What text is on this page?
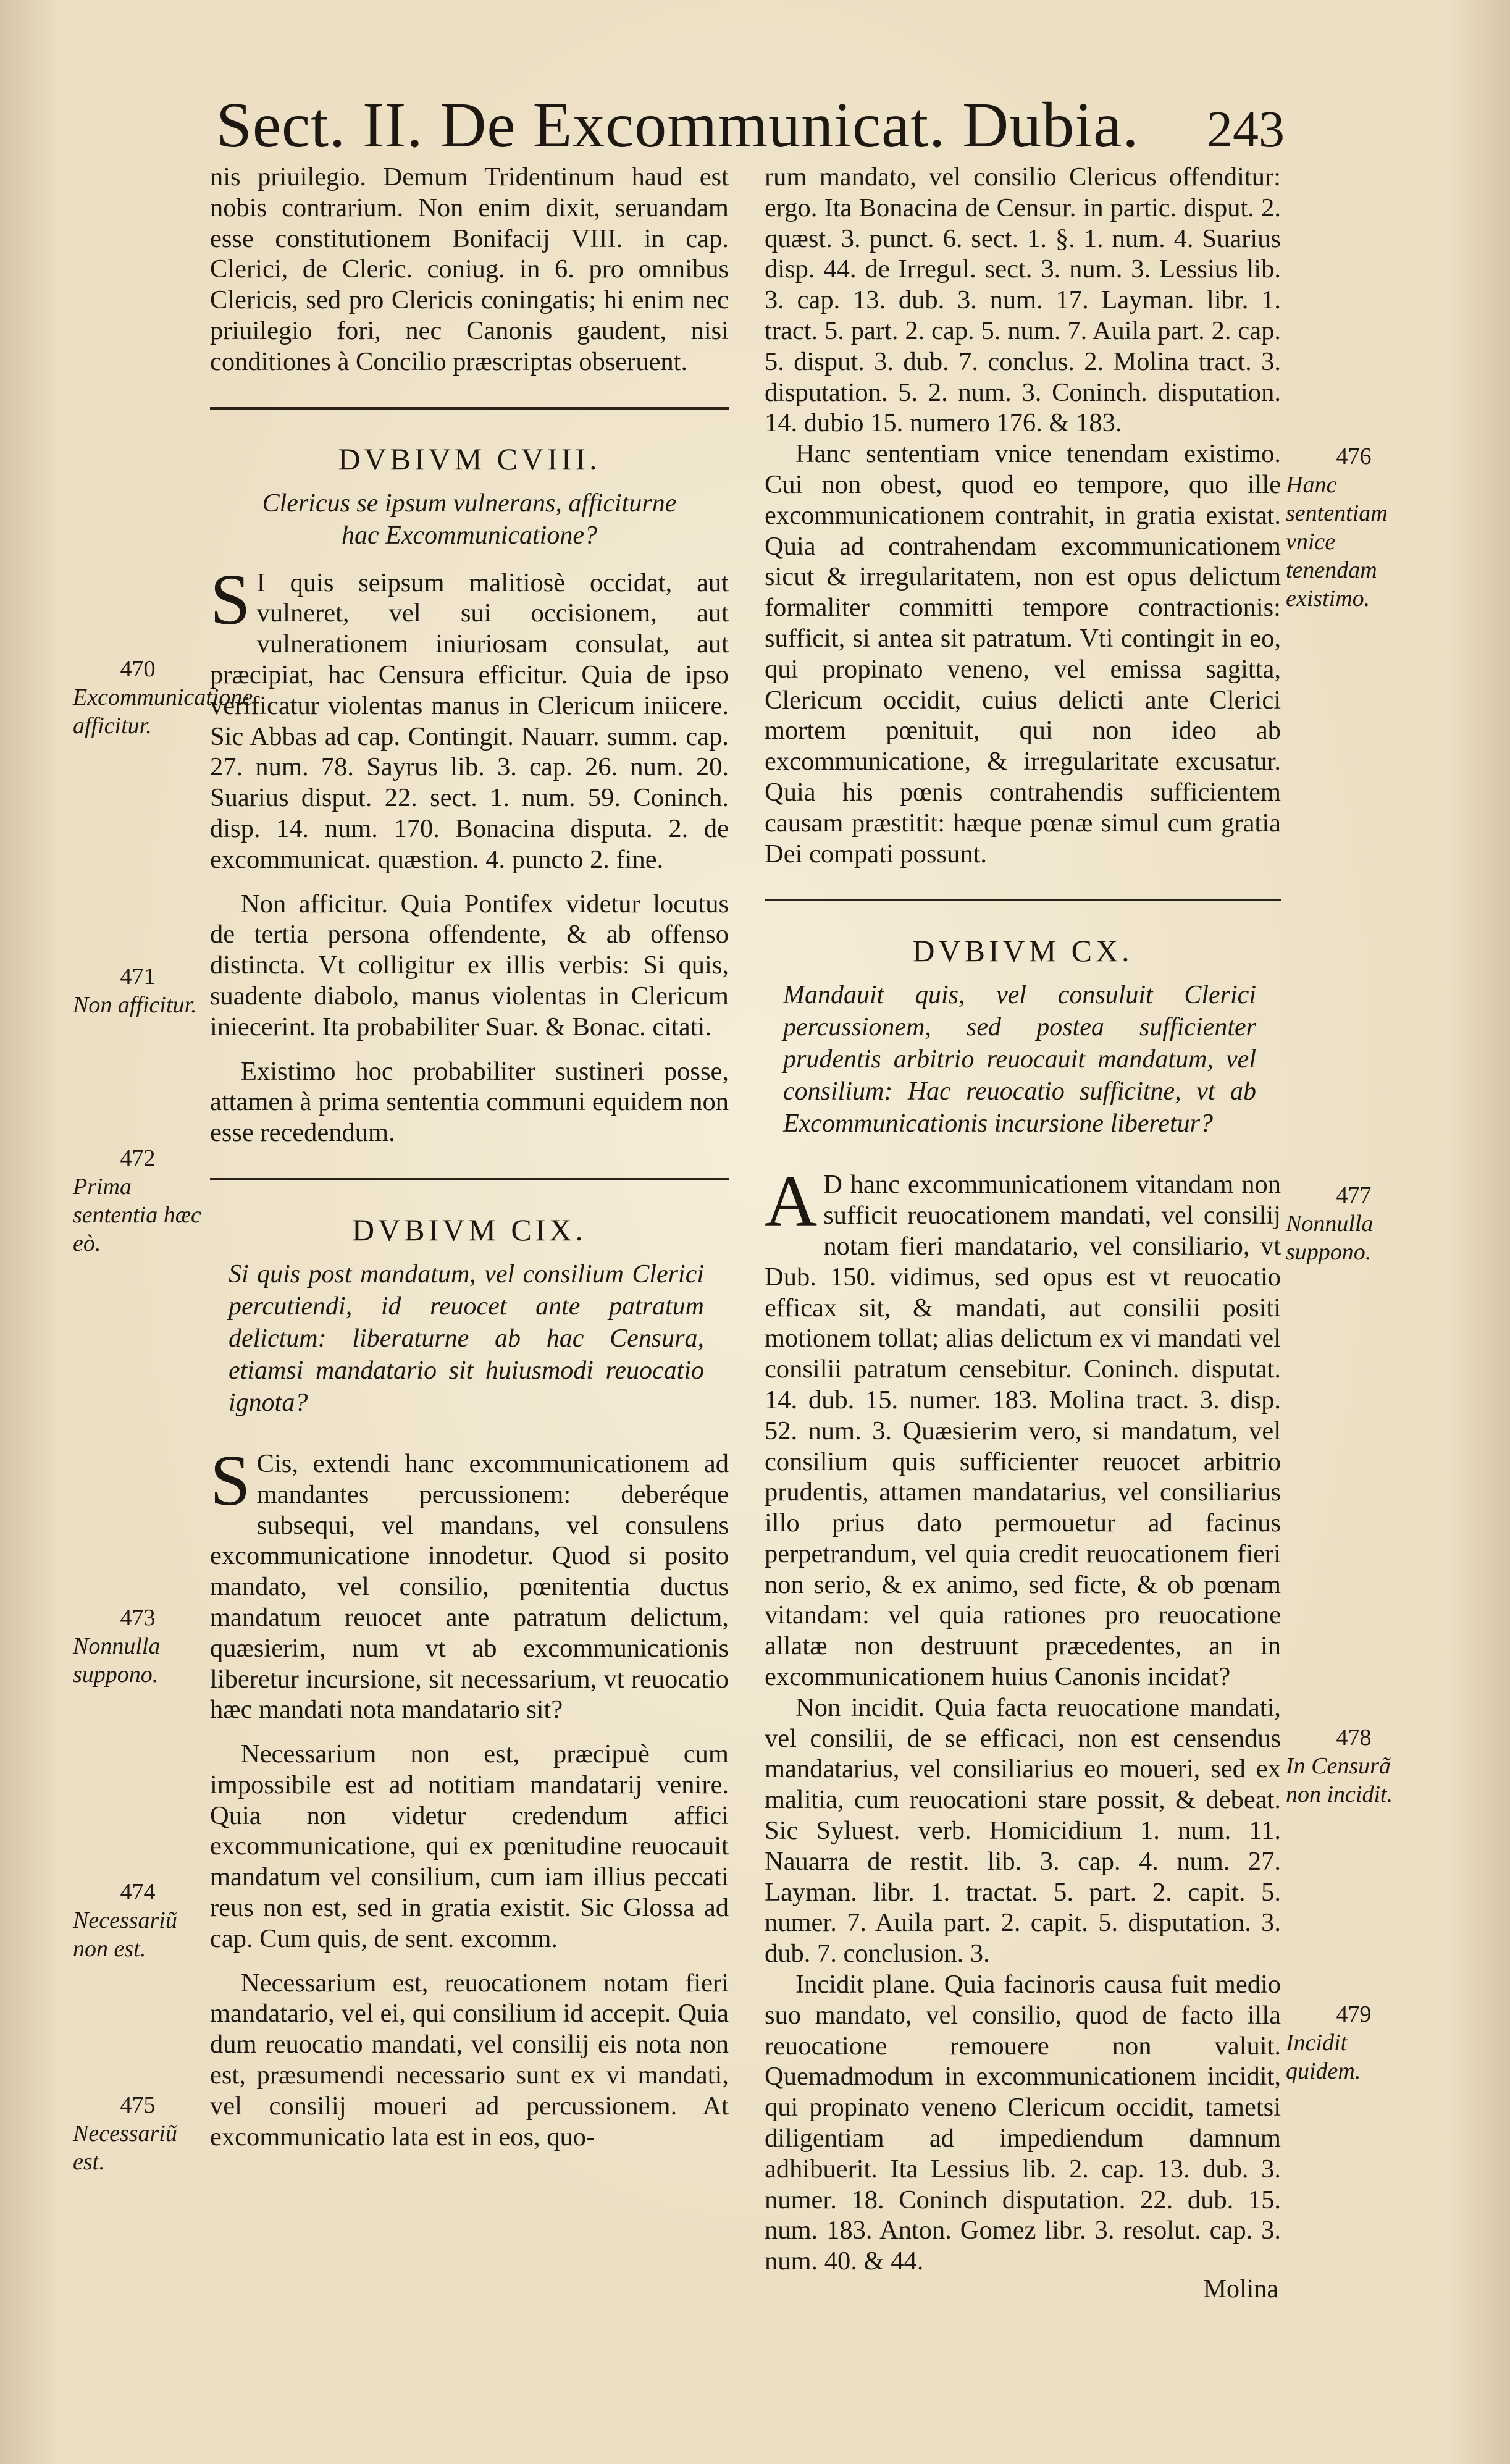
Sect. II. De Excommunicat. Dubia.	243

nis priuilegio. Demum Tridentinum haud est nobis contrarium. Non enim dixit, seruandam esse constitutionem Bonifacij VIII. in cap. Clerici, de Cleric. coniug. in 6. pro omnibus Clericis, sed pro Clericis coningatis; hi enim nec priuilegio fori, nec Canonis gaudent, nisi conditiones à Concilio præscriptas obseruent.

DVBIVM CVIII.

Clericus se ipsum vulnerans, afficiturne hac Excommunicatione?

S I quis seipsum malitiosè occidat, aut vulneret, vel sui occisionem, aut vulnerationem iniuriosam consulat, aut præcipiat, hac Censura efficitur. Quia de ipso verificatur violentas manus in Clericum iniicere. Sic Abbas ad cap. Contingit. Nauarr. summ. cap. 27. num. 78. Sayrus lib. 3. cap. 26. num. 20. Suarius disput. 22. sect. 1. num. 59. Coninch. disp. 14. num. 170. Bonacina disputa. 2. de excommunicat. quæstion. 4. puncto 2. fine.

Non afficitur. Quia Pontifex videtur locutus de tertia persona offendente, & ab offenso distincta. Vt colligitur ex illis verbis: Si quis, suadente diabolo, manus violentas in Clericum iniecerint. Ita probabiliter Suar. & Bonac. citati.

Existimo hoc probabiliter sustineri posse, attamen à prima sententia communi equidem non esse recedendum.

DVBIVM CIX.

Si quis post mandatum, vel consilium Clerici percutiendi, id reuocet ante patratum delictum: liberaturne ab hac Censura, etiamsi mandatario sit huiusmodi reuocatio ignota?

S Cis, extendi hanc excommunicationem ad mandantes percussionem: deberéque subsequi, vel mandans, vel consulens excommunicatione innodetur. Quod si posito mandato, vel consilio, pœnitentia ductus mandatum reuocet ante patratum delictum, quæsierim, num vt ab excommunicationis liberetur incursione, sit necessarium, vt reuocatio hæc mandati nota mandatario sit?

Necessarium non est, præcipuè cum impossibile est ad notitiam mandatarij venire. Quia non videtur credendum affici excommunicatione, qui ex pœnitudine reuocauit mandatum vel consilium, cum iam illius peccati reus non est, sed in gratia existit. Sic Glossa ad cap. Cum quis, de sent. excomm.

Necessarium est, reuocationem notam fieri mandatario, vel ei, qui consilium id accepit. Quia dum reuocatio mandati, vel consilij eis nota non est, præsumendi necessario sunt ex vi mandati, vel consilij moueri ad percussionem. At excommunicatio lata est in eos, quo-

rum mandato, vel consilio Clericus offenditur: ergo. Ita Bonacina de Censur. in partic. disput. 2. quæst. 3. punct. 6. sect. 1. §. 1. num. 4. Suarius disp. 44. de Irregul. sect. 3. num. 3. Lessius lib. 3. cap. 13. dub. 3. num. 17. Layman. libr. 1. tract. 5. part. 2. cap. 5. num. 7. Auila part. 2. cap. 5. disput. 3. dub. 7. conclus. 2. Molina tract. 3. disputation. 5. 2. num. 3. Coninch. disputation. 14. dubio 15. numero 176. & 183.

Hanc sententiam vnice tenendam existimo. Cui non obest, quod eo tempore, quo ille excommunicationem contrahit, in gratia existat. Quia ad contrahendam excommunicationem sicut & irregularitatem, non est opus delictum formaliter committi tempore contractionis: sufficit, si antea sit patratum. Vti contingit in eo, qui propinato veneno, vel emissa sagitta, Clericum occidit, cuius delicti ante Clerici mortem pœnituit, qui non ideo ab excommunicatione, & irregularitate excusatur. Quia his pœnis contrahendis sufficientem causam præstitit: hæque pœnæ simul cum gratia Dei compati possunt.

DVBIVM CX.

Mandauit quis, vel consuluit Clerici percussionem, sed postea sufficienter prudentis arbitrio reuocauit mandatum, vel consilium: Hac reuocatio sufficitne, vt ab Excommunicationis incursione liberetur?

A D hanc excommunicationem vitandam non sufficit reuocationem mandati, vel consilij notam fieri mandatario, vel consiliario, vt Dub. 150. vidimus, sed opus est vt reuocatio efficax sit, & mandati, aut consilii positi motionem tollat; alias delictum ex vi mandati vel consilii patratum censebitur. Coninch. disputat. 14. dub. 15. numer. 183. Molina tract. 3. disp. 52. num. 3. Quæsierim vero, si mandatum, vel consilium quis sufficienter reuocet arbitrio prudentis, attamen mandatarius, vel consiliarius illo prius dato permouetur ad facinus perpetrandum, vel quia credit reuocationem fieri non serio, & ex animo, sed ficte, & ob pœnam vitandam: vel quia rationes pro reuocatione allatæ non destruunt præcedentes, an in excommunicationem huius Canonis incidat?

Non incidit. Quia facta reuocatione mandati, vel consilii, de se efficaci, non est censendus mandatarius, vel consiliarius eo moueri, sed ex malitia, cum reuocationi stare possit, & debeat. Sic Syluest. verb. Homicidium 1. num. 11. Nauarra de restit. lib. 3. cap. 4. num. 27. Layman. libr. 1. tractat. 5. part. 2. capit. 5. numer. 7. Auila part. 2. capit. 5. disputation. 3. dub. 7. conclusion. 3.

Incidit plane. Quia facinoris causa fuit medio suo mandato, vel consilio, quod de facto illa reuocatione remouere non valuit. Quemadmodum in excommunicationem incidit, qui propinato veneno Clericum occidit, tametsi diligentiam ad impediendum damnum adhibuerit. Ita Lessius lib. 2. cap. 13. dub. 3. numer. 18. Coninch disputation. 22. dub. 15. num. 183. Anton. Gomez libr. 3. resolut. cap. 3. num. 40. & 44.

Molina
470
Excommunicatione afficitur.
471
Non afficitur.
472
Prima sententia hæc eò.
473
Nonnulla suppono.
474
Necessariũ non est.
475
Necessariũ est.
476
Hanc sententiam vnice tenendam existimo.
477
Nonnulla suppono.
478
In Censurã non incidit.
479
Incidit quidem.
